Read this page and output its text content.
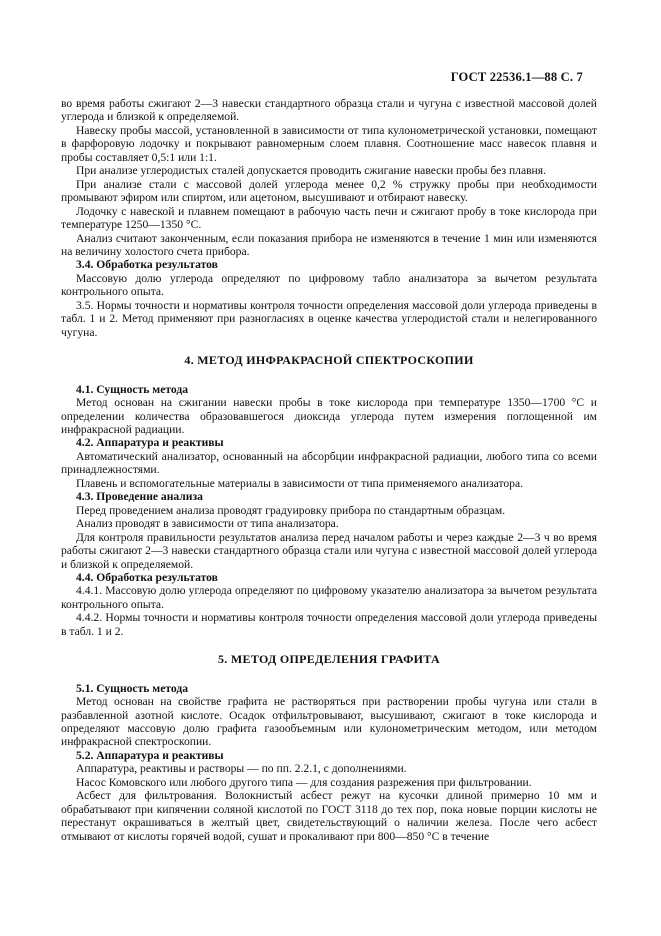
ГОСТ 22536.1—88 С. 7

во время работы сжигают 2—3 навески стандартного образца стали и чугуна с известной массовой долей углерода и близкой к определяемой.

Навеску пробы массой, установленной в зависимости от типа кулонометрической установки, помещают в фарфоровую лодочку и покрывают равномерным слоем плавня. Соотношение масс навесок плавня и пробы составляет 0,5:1 или 1:1.

При анализе углеродистых сталей допускается проводить сжигание навески пробы без плавня.

При анализе стали с массовой долей углерода менее 0,2 % стружку пробы при необходимости промывают эфиром или спиртом, или ацетоном, высушивают и отбирают навеску.

Лодочку с навеской и плавнем помещают в рабочую часть печи и сжигают пробу в токе кислорода при температуре 1250—1350 °С.

Анализ считают законченным, если показания прибора не изменяются в течение 1 мин или изменяются на величину холостого счета прибора.

3.4. Обработка результатов

Массовую долю углерода определяют по цифровому табло анализатора за вычетом результата контрольного опыта.

3.5. Нормы точности и нормативы контроля точности определения массовой доли углерода приведены в табл. 1 и 2. Метод применяют при разногласиях в оценке качества углеродистой стали и нелегированного чугуна.

4. МЕТОД ИНФРАКРАСНОЙ СПЕКТРОСКОПИИ

4.1. Сущность метода

Метод основан на сжигании навески пробы в токе кислорода при температуре 1350—1700 °С и определении количества образовавшегося диоксида углерода путем измерения поглощенной им инфракрасной радиации.

4.2. Аппаратура и реактивы

Автоматический анализатор, основанный на абсорбции инфракрасной радиации, любого типа со всеми принадлежностями.

Плавень и вспомогательные материалы в зависимости от типа применяемого анализатора.

4.3. Проведение анализа

Перед проведением анализа проводят градуировку прибора по стандартным образцам.

Анализ проводят в зависимости от типа анализатора.

Для контроля правильности результатов анализа перед началом работы и через каждые 2—3 ч во время работы сжигают 2—3 навески стандартного образца стали или чугуна с известной массовой долей углерода и близкой к определяемой.

4.4. Обработка результатов

4.4.1. Массовую долю углерода определяют по цифровому указателю анализатора за вычетом результата контрольного опыта.

4.4.2. Нормы точности и нормативы контроля точности определения массовой доли углерода приведены в табл. 1 и 2.

5. МЕТОД ОПРЕДЕЛЕНИЯ ГРАФИТА

5.1. Сущность метода

Метод основан на свойстве графита не растворяться при растворении пробы чугуна или стали в разбавленной азотной кислоте. Осадок отфильтровывают, высушивают, сжигают в токе кислорода и определяют массовую долю графита газообъемным или кулонометрическим методом, или методом инфракрасной спектроскопии.

5.2. Аппаратура и реактивы

Аппаратура, реактивы и растворы — по пп. 2.2.1, с дополнениями.

Насос Комовского или любого другого типа — для создания разрежения при фильтровании.

Асбест для фильтрования. Волокнистый асбест режут на кусочки длиной примерно 10 мм и обрабатывают при кипячении соляной кислотой по ГОСТ 3118 до тех пор, пока новые порции кислоты не перестанут окрашиваться в желтый цвет, свидетельствующий о наличии железа. После чего асбест отмывают от кислоты горячей водой, сушат и прокаливают при 800—850 °С в течение
